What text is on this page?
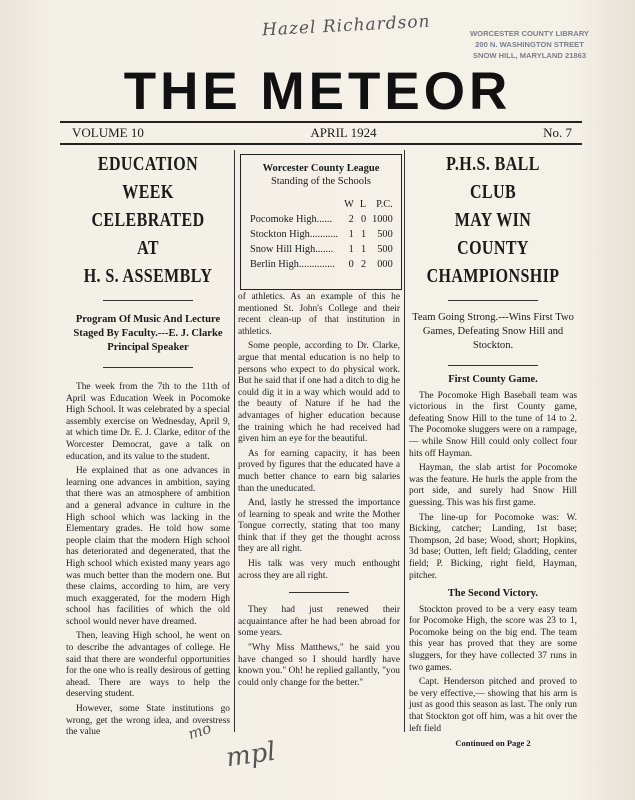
Hazel Richardson	WORCESTER COUNTY LIBRARY
200 N. WASHINGTON STREET
SNOW HILL, MARYLAND 21863
THE METEOR
VOLUME 10	APRIL 1924	No. 7
EDUCATION WEEK
CELEBRATED AT
H. S. ASSEMBLY
Program Of Music And Lecture Staged By Faculty.---E. J. Clarke Principal Speaker

The week from the 7th to the 11th of April was Education Week in Pocomoke High School. It was celebrated by a special assembly exercise on Wednesday, April 9, at which time Dr. E. J. Clarke, editor of the Worcester Democrat, gave a talk on education, and its value to the student.

He explained that as one advances in learning one advances in ambition, saying that there was an atmosphere of ambition and a general advance in culture in the High school which was lacking in the Elementary grades. He told how some people claim that the modern High school has deteriorated and degenerated, that the High school which existed many years ago was much better than the modern one. But these claims, according to him, are very much exaggerated, for the modern High school has facilities of which the old school would never have dreamed.

Then, leaving High school, he went on to describe the advantages of college. He said that there are wonderful opportunities for the one who is really desirous of getting ahead. There are ways to help the deserving student.

However, some State institutions go wrong, get the wrong idea, and overstress the value

Worcester County League
Standing of the Schools
	W	L	P.C.
Pocomoke High......	2	0	1000
Stockton High...........	1	1	500
Snow Hill High.......	1	1	500
Berlin High..............	0	2	000

of athletics. As an example of this he mentioned St. John's College and their recent clean-up of that institution in athletics.

Some people, according to Dr. Clarke, argue that mental education is no help to persons who expect to do physical work. But he said that if one had a ditch to dig he could dig it in a way which would add to the beauty of Nature if he had the advantages of higher education because the training which he had received had given him an eye for the beautiful.

As for earning capacity, it has been proved by figures that the educated have a much better chance to earn big salaries than the uneducated.

And, lastly he stressed the importance of learning to speak and write the Mother Tongue correctly, stating that too many think that if they get the thought across they are all right.

His talk was very much enthought across they are all right.

They had just renewed their acquaintance after he had been abroad for some years.

"Why Miss Matthews," he said you have changed so I should hardly have known you." Oh! he replied gallantly, "you could only change for the better."

P.H.S. BALL CLUB
MAY WIN COUNTY
CHAMPIONSHIP
Team Going Strong.---Wins First Two Games, Defeating Snow Hill and Stockton.
First County Game.

The Pocomoke High Baseball team was victorious in the first County game, defeating Snow Hill to the tune of 14 to 2. The Pocomoke sluggers were on a rampage, — while Snow Hill could only collect four hits off Hayman.

Hayman, the slab artist for Pocomoke was the feature. He hurls the apple from the port side, and surely had Snow Hill guessing. This was his first game.

The line-up for Pocomoke was: W. Bicking, catcher; Landing, 1st base; Thompson, 2d base; Wood, short; Hopkins, 3d base; Outten, left field; Gladding, center field; P. Bicking, right field, Hayman, pitcher.

The Second Victory.

Stockton proved to be a very easy team for Pocomoke High, the score was 23 to 1, Pocomoke being on the big end. The team this year has proved that they are some sluggers, for they have collected 37 runs in two games.

Capt. Henderson pitched and proved to be very effective,— showing that his arm is just as good this season as last. The only run that Stockton got off him, was a hit over the left field

Continued on Page 2
mo
mpl
